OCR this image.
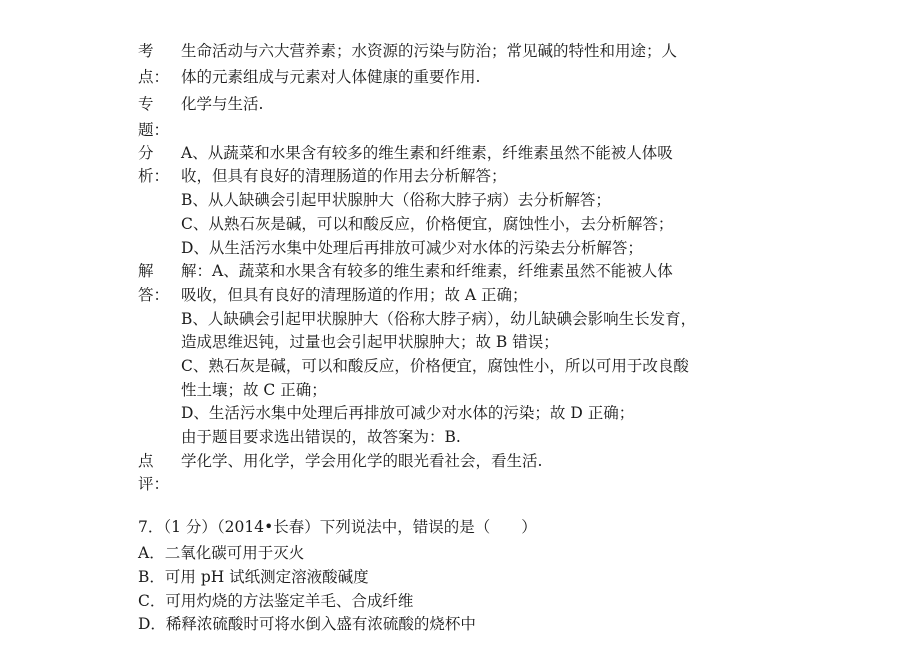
考
点：
生命活动与六大营养素；水资源的污染与防治；常见碱的特性和用途；人
体的元素组成与元素对人体健康的重要作用.
专
题：
化学与生活.
分
析：
A、从蔬菜和水果含有较多的维生素和纤维素，纤维素虽然不能被人体吸
收，但具有良好的清理肠道的作用去分析解答；
B、从人缺碘会引起甲状腺肿大（俗称大脖子病）去分析解答；
C、从熟石灰是碱，可以和酸反应，价格便宜，腐蚀性小，去分析解答；
D、从生活污水集中处理后再排放可减少对水体的污染去分析解答；
解
答：
解：A、蔬菜和水果含有较多的维生素和纤维素，纤维素虽然不能被人体
吸收，但具有良好的清理肠道的作用；故 A 正确；
B、人缺碘会引起甲状腺肿大（俗称大脖子病），幼儿缺碘会影响生长发育，
造成思维迟钝，过量也会引起甲状腺肿大；故 B 错误；
C、熟石灰是碱，可以和酸反应，价格便宜，腐蚀性小，所以可用于改良酸
性土壤；故 C 正确；
D、生活污水集中处理后再排放可减少对水体的污染；故 D 正确；
由于题目要求选出错误的，故答案为：B.
点
评：
学化学、用化学，学会用化学的眼光看社会，看生活.
7．（1 分）（2014•长春）下列说法中，错误的是（　　）
A．二氧化碳可用于灭火
B．可用 pH 试纸测定溶液酸碱度
C．可用灼烧的方法鉴定羊毛、合成纤维
D．稀释浓硫酸时可将水倒入盛有浓硫酸的烧杯中
